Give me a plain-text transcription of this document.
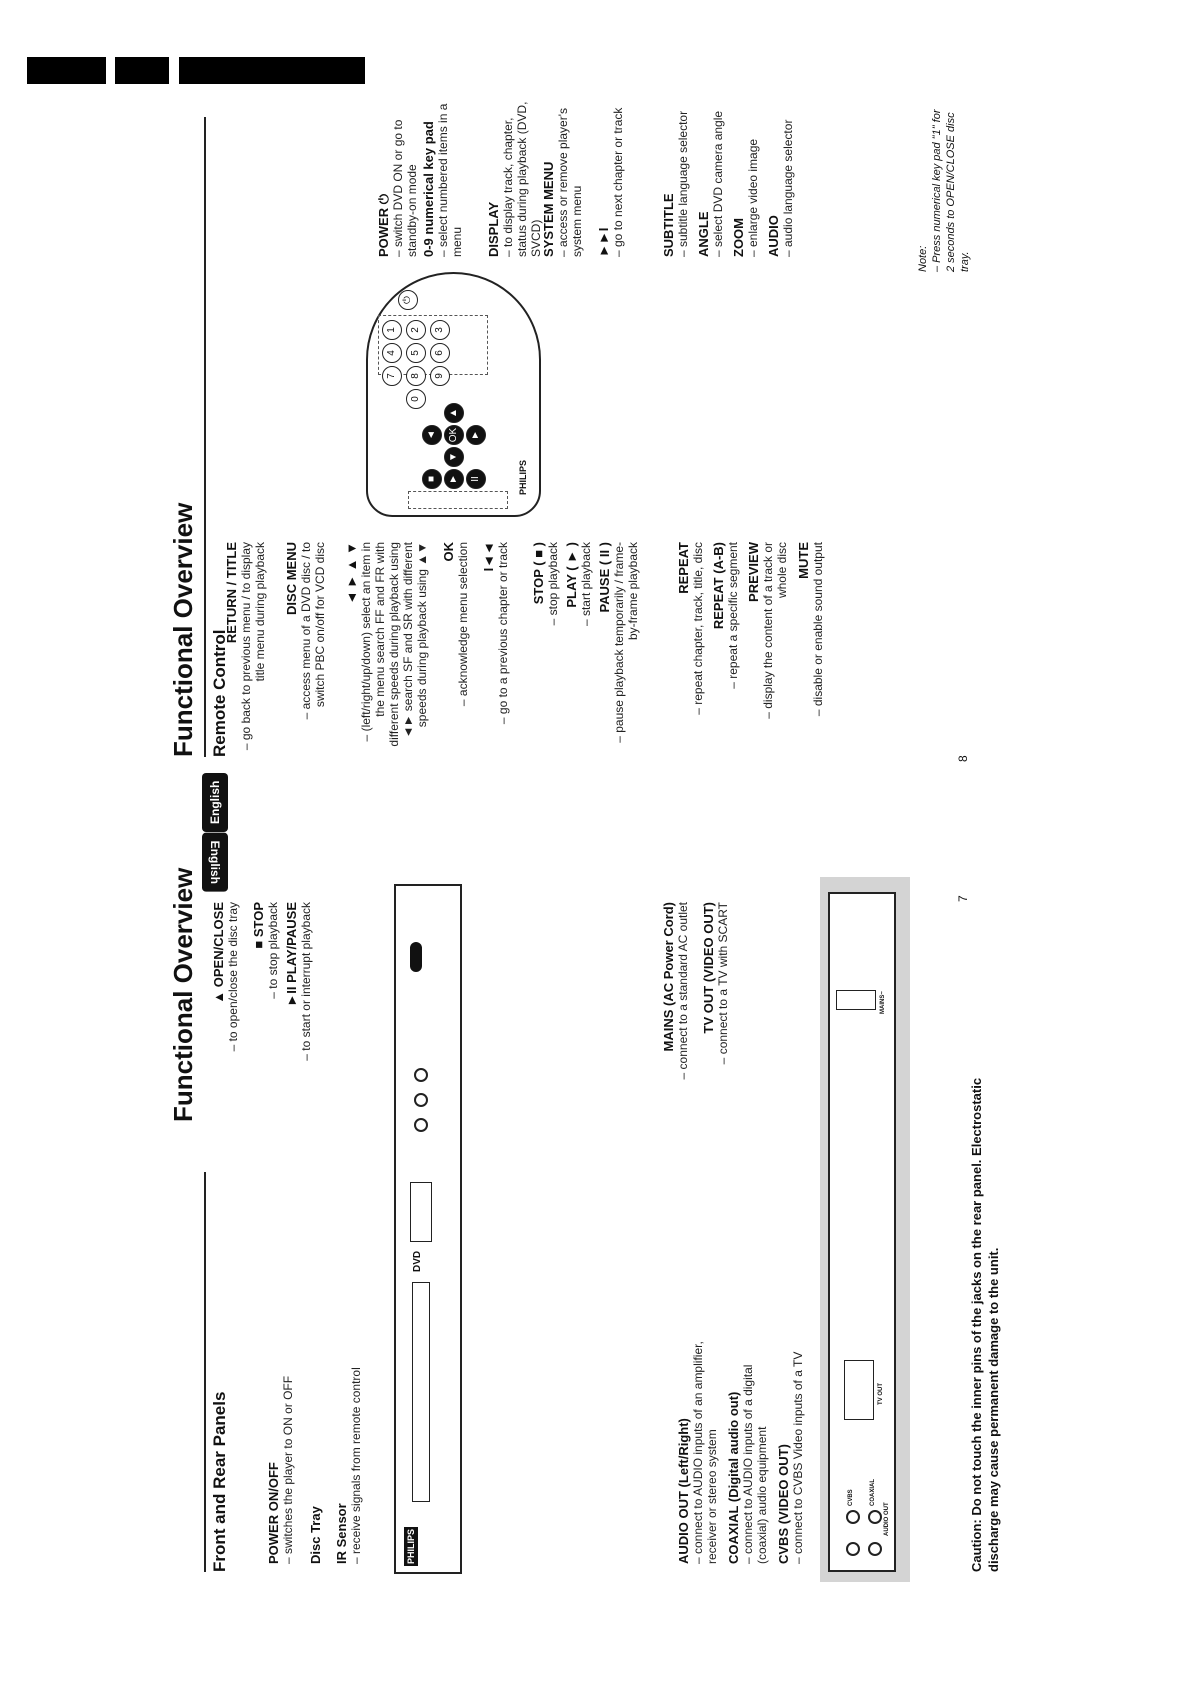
Functional Overview
English
Front and Rear Panels
7
POWER ON/OFF – switches the player to ON or OFF Disc Tray IR Sensor – receive signals from remote control
▲ OPEN/CLOSE – to open/close the disc tray ■ STOP – to stop playback ►II PLAY/PAUSE – to start or interrupt playback
PHILIPS
DVD
AUDIO OUT (Left/Right) – connect to AUDIO inputs of an amplifier, receiver or stereo system COAXIAL (Digital audio out) – connect to AUDIO inputs of a digital (coaxial) audio equipment CVBS (VIDEO OUT) – connect to CVBS Video inputs of a TV
MAINS (AC Power Cord) – connect to a standard AC outlet TV OUT (VIDEO OUT) – connect to a TV with SCART
AUDIO OUT
CVBS	COAXIAL
TV OUT
MAINS~
Caution: Do not touch the inner pins of the jacks on the rear panel. Electrostatic discharge may cause permanent damage to the unit.
English
Functional Overview Remote Control
8
RETURN / TITLE – go back to previous menu / to display title menu during playback DISC MENU – access menu of a DVD disc / to switch PBC on/off for VCD disc ◄ ► ▲ ▼ – (left/right/up/down) select an item in the menu search FF and FR with different speeds during playback using ◄► search SF and SR with different speeds during playback using ▲▼ OK – acknowledge menu selection I◄◄ – go to a previous chapter or track STOP ( ■ ) – stop playback PLAY ( ► ) – start playback PAUSE ( II ) – pause playback temporarily / frame-by-frame playback	REPEAT – repeat chapter, track, title, disc REPEAT (A-B) – repeat a specific segment PREVIEW – display the content of a track or whole disc MUTE – disable or enable sound output
⏻
1	2	3
4	5	6
7	8	9
0
OK
▲
▼
◄	►
■	►	II	PHILIPS
POWER ⏻ – switch DVD ON or go to standby-on mode 0-9 numerical key pad – select numbered items in a menu DISPLAY – to display track, chapter, status during playback (DVD, SVCD)
SYSTEM MENU – access or remove player's system menu ►►I – go to next chapter or track	SUBTITLE – subtitle language selector ANGLE – select DVD camera angle ZOOM – enlarge video image AUDIO – audio language selector
Note: – Press numerical key pad "1" for 2 seconds to OPEN/CLOSE disc tray.
